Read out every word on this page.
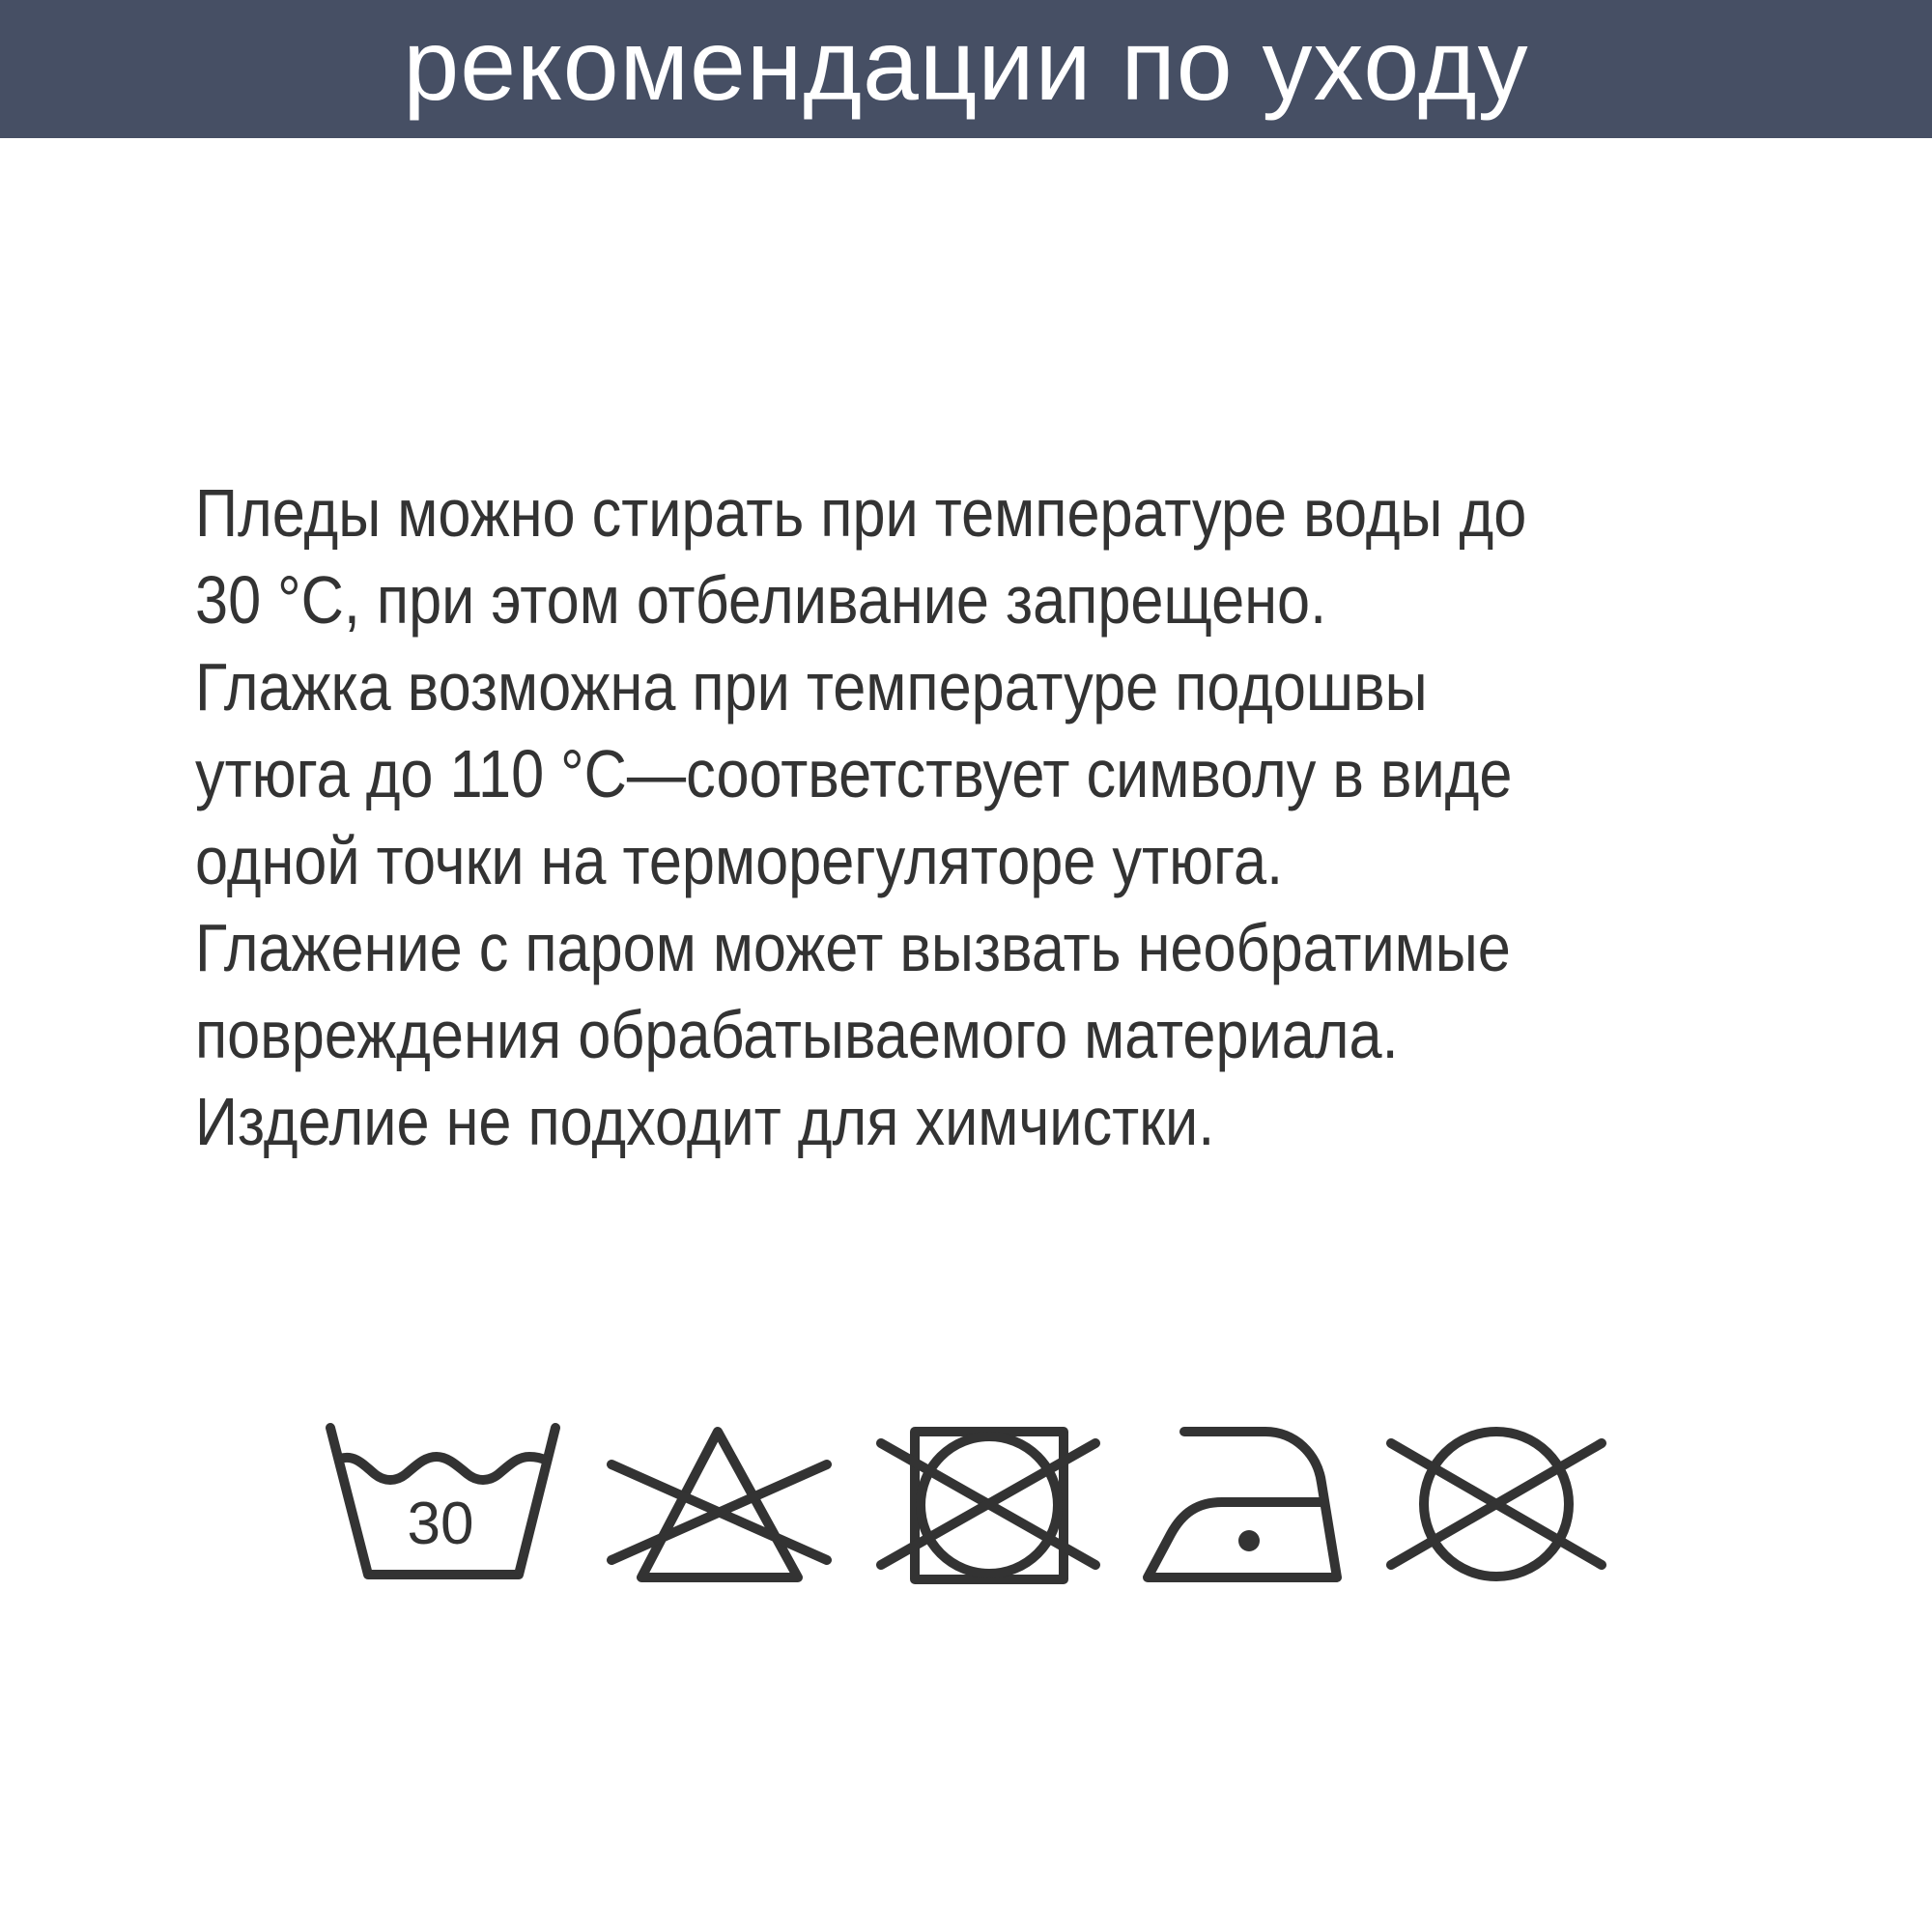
рекомендации по уходу
Пледы можно стирать при температуре воды до
30 °C, при этом отбеливание запрещено.
Глажка возможна при температуре подошвы
утюга до 110 °C—соответствует символу в виде
одной точки на терморегуляторе утюга.
Глажение с паром может вызвать необратимые
повреждения обрабатываемого материала.
Изделие не подходит для химчистки.
30
